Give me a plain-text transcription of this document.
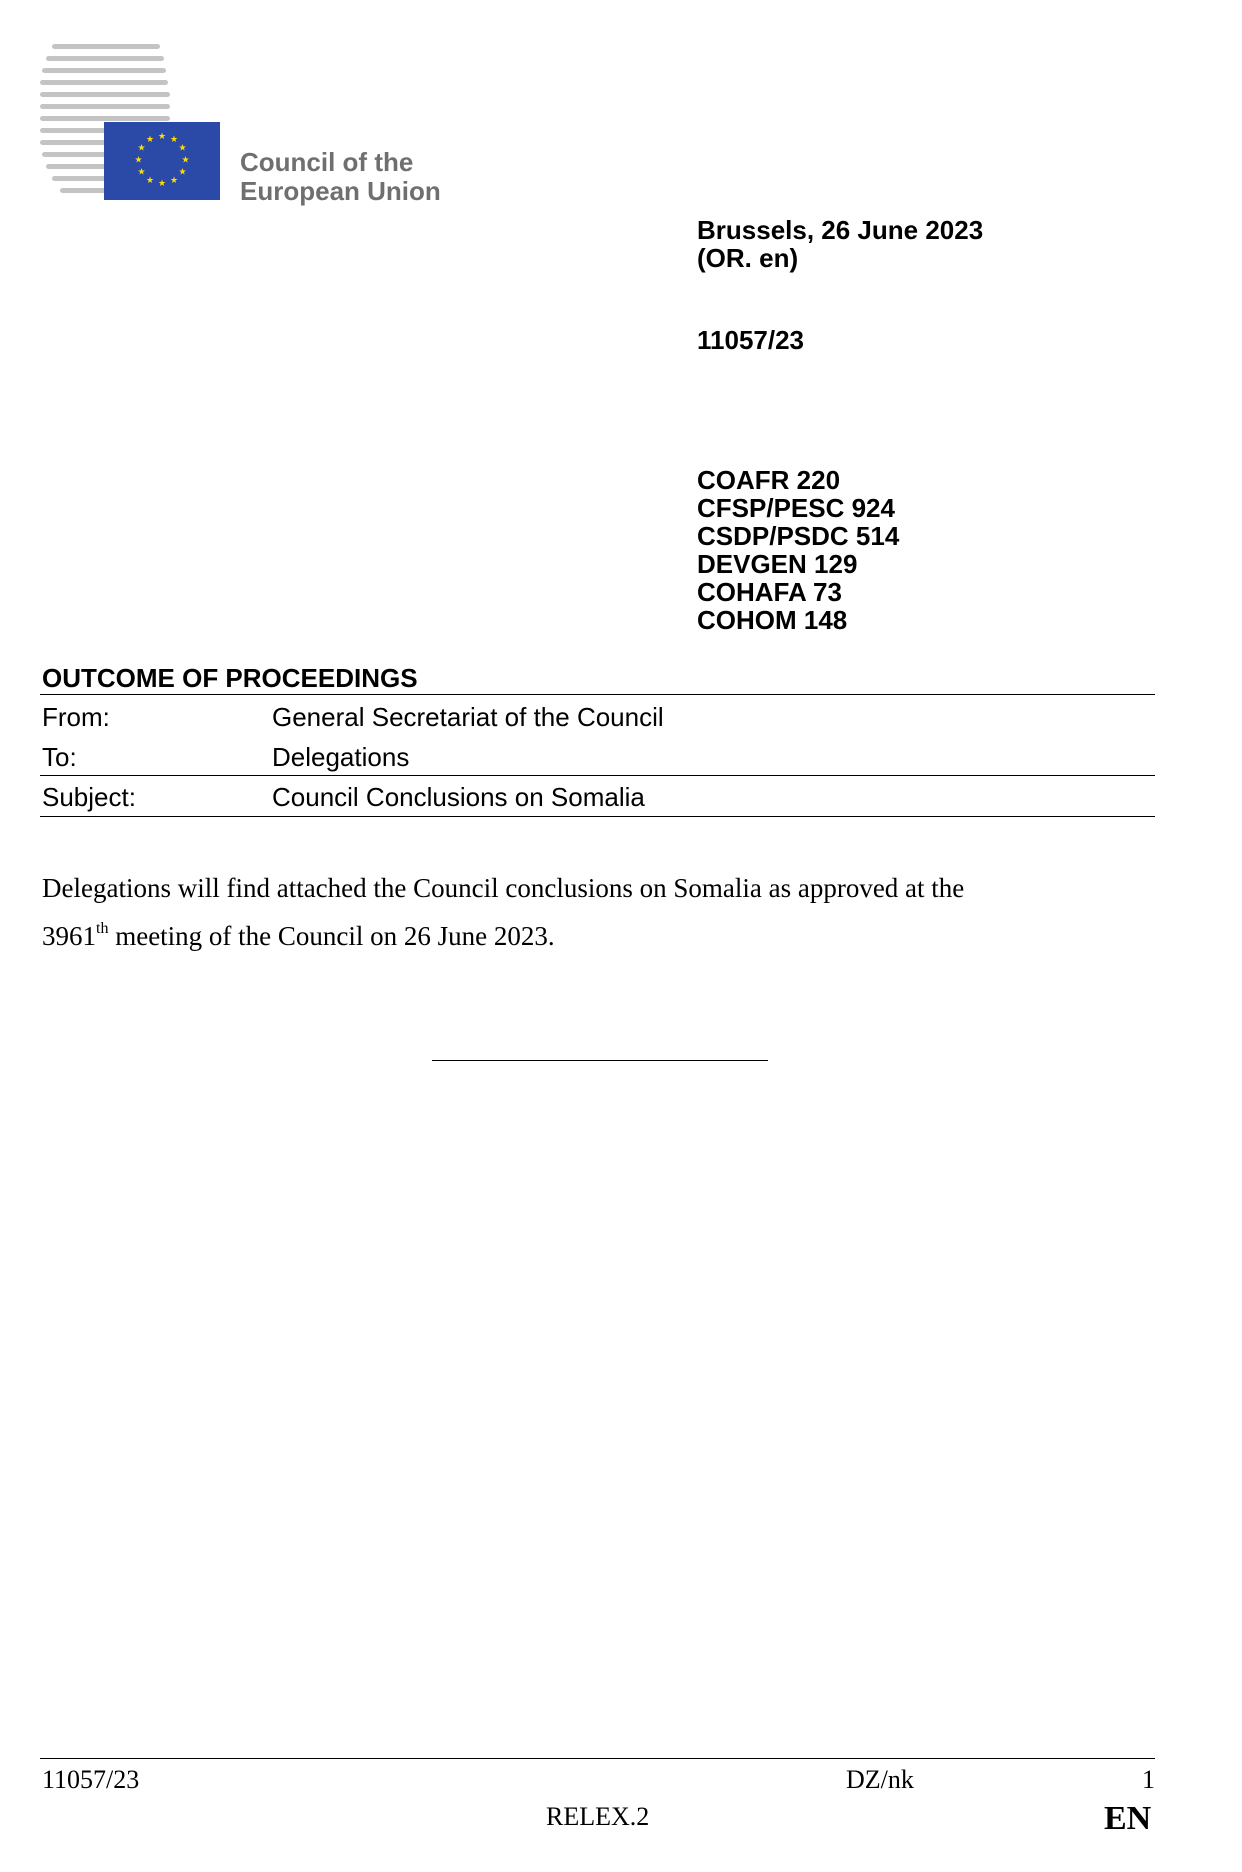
★ ★
★
★
★
★
★
★
★
★
★
★
Council of the
European Union
Brussels, 26 June 2023
(OR. en)
11057/23
COAFR 220
CFSP/PESC 924
CSDP/PSDC 514
DEVGEN 129
COHAFA 73
COHOM 148
OUTCOME OF PROCEEDINGS
From:	General Secretariat of the Council
To:	Delegations
Subject:	Council Conclusions on Somalia
Delegations will find attached the Council conclusions on Somalia as approved at the
3961th meeting of the Council on 26 June 2023.
11057/23	DZ/nk	1
RELEX.2	EN
